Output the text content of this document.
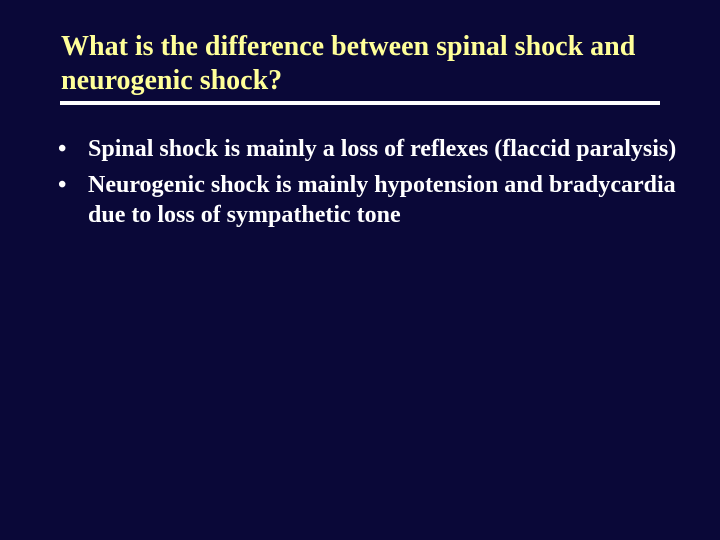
What is the difference between spinal shock and neurogenic shock?
• Spinal shock is mainly a loss of reflexes (flaccid paralysis)
• Neurogenic shock is mainly hypotension and bradycardia due to loss of sympathetic tone
